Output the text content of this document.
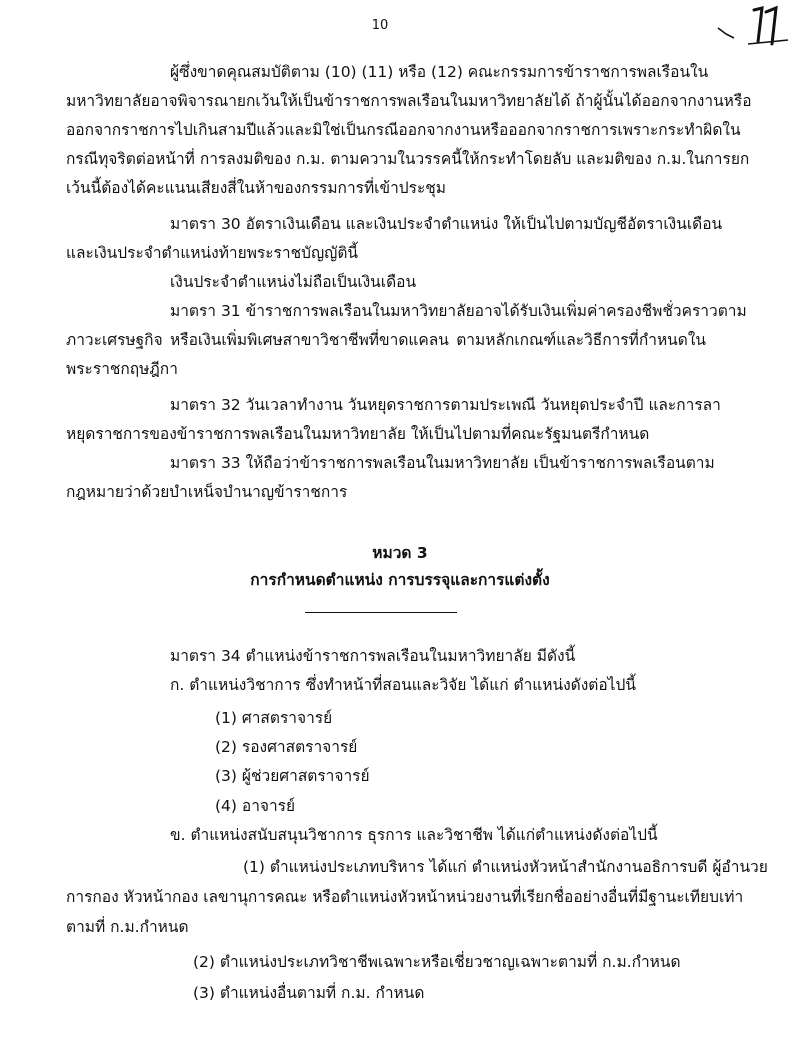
10
ผู้ซึ่งขาดคุณสมบัติตาม (10) (11) หรือ (12) คณะกรรมการข้าราชการพลเรือนใน
มหาวิทยาลัยอาจพิจารณายกเว้นให้เป็นข้าราชการพลเรือนในมหาวิทยาลัยได้ ถ้าผู้นั้นได้ออกจากงานหรือ
ออกจากราชการไปเกินสามปีแล้วและมิใช่เป็นกรณีออกจากงานหรือออกจากราชการเพราะกระทำผิดใน
กรณีทุจริตต่อหน้าที่ การลงมติของ ก.ม. ตามความในวรรคนี้ให้กระทำโดยลับ และมติของ ก.ม.ในการยก
เว้นนี้ต้องได้คะแนนเสียงสี่ในห้าของกรรมการที่เข้าประชุม
มาตรา 30 อัตราเงินเดือน และเงินประจำตำแหน่ง ให้เป็นไปตามบัญชีอัตราเงินเดือน
และเงินประจำตำแหน่งท้ายพระราชบัญญัตินี้
เงินประจำตำแหน่งไม่ถือเป็นเงินเดือน
มาตรา 31 ข้าราชการพลเรือนในมหาวิทยาลัยอาจได้รับเงินเพิ่มค่าครองชีพชั่วคราวตาม
ภาวะเศรษฐกิจ หรือเงินเพิ่มพิเศษสาขาวิชาชีพที่ขาดแคลน ตามหลักเกณฑ์และวิธีการที่กำหนดใน
พระราชกฤษฎีกา
มาตรา 32 วันเวลาทำงาน วันหยุดราชการตามประเพณี วันหยุดประจำปี และการลา
หยุดราชการของข้าราชการพลเรือนในมหาวิทยาลัย ให้เป็นไปตามที่คณะรัฐมนตรีกำหนด
มาตรา 33 ให้ถือว่าข้าราชการพลเรือนในมหาวิทยาลัย เป็นข้าราชการพลเรือนตาม
กฎหมายว่าด้วยบำเหน็จบำนาญข้าราชการ
หมวด 3
การกำหนดตำแหน่ง การบรรจุและการแต่งตั้ง
มาตรา 34 ตำแหน่งข้าราชการพลเรือนในมหาวิทยาลัย มีดังนี้
ก. ตำแหน่งวิชาการ ซึ่งทำหน้าที่สอนและวิจัย ได้แก่ ตำแหน่งดังต่อไปนี้
(1) ศาสตราจารย์
(2) รองศาสตราจารย์
(3) ผู้ช่วยศาสตราจารย์
(4) อาจารย์
ข. ตำแหน่งสนับสนุนวิชาการ ธุรการ และวิชาชีพ ได้แก่ตำแหน่งดังต่อไปนี้
(1) ตำแหน่งประเภทบริหาร ได้แก่ ตำแหน่งหัวหน้าสำนักงานอธิการบดี ผู้อำนวย
การกอง หัวหน้ากอง เลขานุการคณะ หรือตำแหน่งหัวหน้าหน่วยงานที่เรียกชื่ออย่างอื่นที่มีฐานะเทียบเท่า
ตามที่ ก.ม.กำหนด
(2) ตำแหน่งประเภทวิชาชีพเฉพาะหรือเชี่ยวชาญเฉพาะตามที่ ก.ม.กำหนด
(3) ตำแหน่งอื่นตามที่ ก.ม. กำหนด
